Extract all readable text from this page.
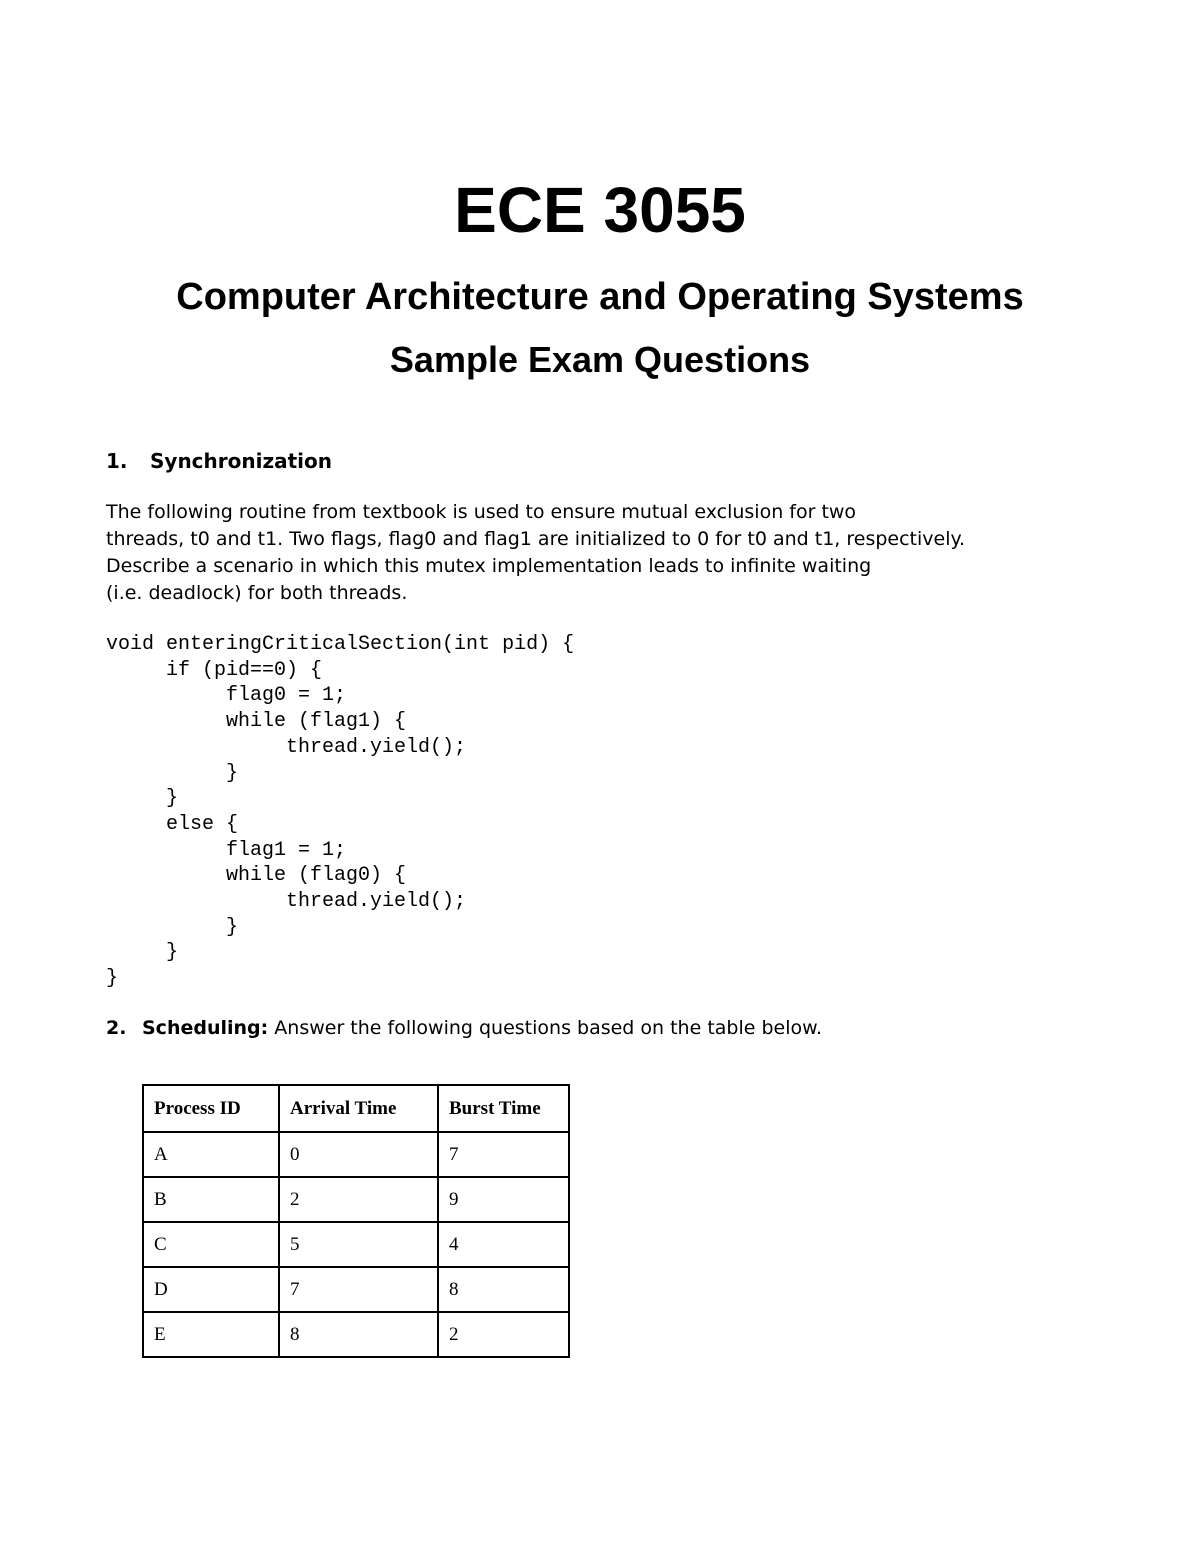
ECE 3055
Computer Architecture and Operating Systems
Sample Exam Questions
1. Synchronization
The following routine from textbook is used to ensure mutual exclusion for two
threads, t0 and t1. Two flags, flag0 and flag1 are initialized to 0 for t0 and t1, respectively.
Describe a scenario in which this mutex implementation leads to infinite waiting
(i.e. deadlock) for both threads.
void enteringCriticalSection(int pid) {
if (pid==0) {
flag0 = 1;
while (flag1) {
thread.yield();
}
}
else {
flag1 = 1;
while (flag0) {
thread.yield();
}
}
}
2. Scheduling: Answer the following questions based on the table below.
Process ID	Arrival Time	Burst Time
A	0	7
B	2	9
C	5	4
D	7	8
E	8	2
